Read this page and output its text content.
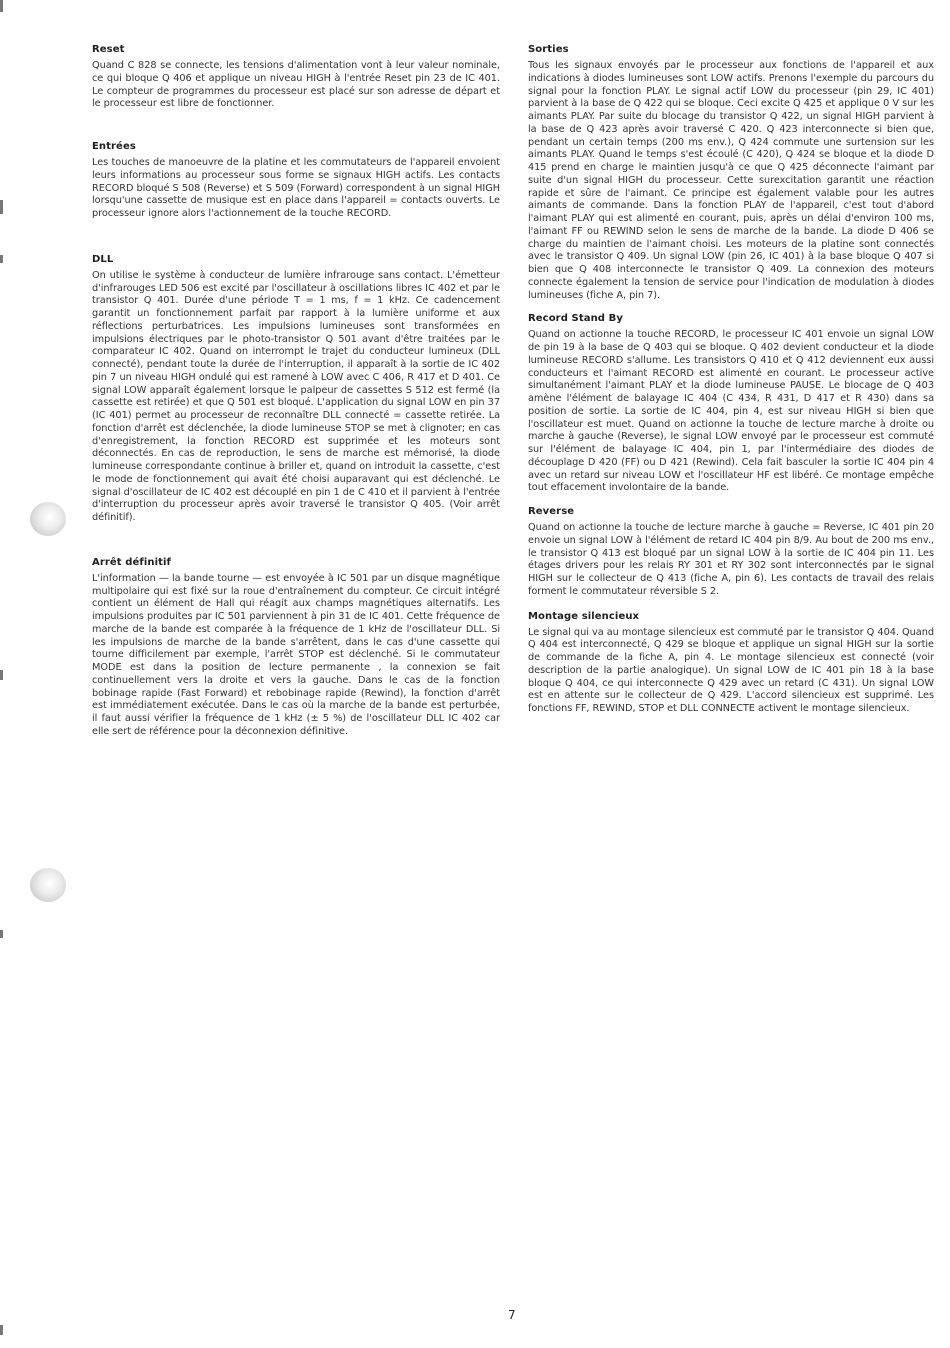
Reset

Quand C 828 se connecte, les tensions d'alimentation vont à leur valeur nominale, ce qui bloque Q 406 et applique un niveau HIGH à l'entrée Reset pin 23 de IC 401. Le compteur de programmes du processeur est placé sur son adresse de départ et le processeur est libre de fonctionner.

Entrées

Les touches de manoeuvre de la platine et les commutateurs de l'appareil envoient leurs informations au processeur sous forme se signaux HIGH actifs. Les contacts RECORD bloqué S 508 (Reverse) et S 509 (Forward) correspondent à un signal HIGH lorsqu'une cassette de musique est en place dans l'appareil = contacts ouverts. Le processeur ignore alors l'actionnement de la touche RECORD.

DLL

On utilise le système à conducteur de lumière infrarouge sans contact. L'émetteur d'infrarouges LED 506 est excité par l'oscillateur à oscillations libres IC 402 et par le transistor Q 401. Durée d'une période T = 1 ms, f = 1 kHz. Ce cadencement garantit un fonctionnement parfait par rapport à la lumière uniforme et aux réflections perturbatrices. Les impulsions lumineuses sont transformées en impulsions électriques par le photo-transistor Q 501 avant d'être traitées par le comparateur IC 402. Quand on interrompt le trajet du conducteur lumineux (DLL connecté), pendant toute la durée de l'interruption, il apparaît à la sortie de IC 402 pin 7 un niveau HIGH ondulé qui est ramené à LOW avec C 406, R 417 et D 401. Ce signal LOW apparaît également lorsque le palpeur de cassettes S 512 est fermé (la cassette est retirée) et que Q 501 est bloqué. L'application du signal LOW en pin 37 (IC 401) permet au processeur de reconnaître DLL connecté = cassette retirée. La fonction d'arrêt est déclenchée, la diode lumineuse STOP se met à clignoter; en cas d'enregistrement, la fonction RECORD est supprimée et les moteurs sont déconnectés. En cas de reproduction, le sens de marche est mémorisé, la diode lumineuse correspondante continue à briller et, quand on introduit la cassette, c'est le mode de fonctionnement qui avait été choisi auparavant qui est déclenché. Le signal d'oscillateur de IC 402 est découplé en pin 1 de C 410 et il parvient à l'entrée d'interruption du processeur après avoir traversé le transistor Q 405. (Voir arrêt définitif).

Arrêt définitif

L'information — la bande tourne — est envoyée à IC 501 par un disque magnétique multipolaire qui est fixé sur la roue d'entraînement du compteur. Ce circuit intégré contient un élément de Hall qui réagit aux champs magnétiques alternatifs. Les impulsions produites par IC 501 parviennent à pin 31 de IC 401. Cette fréquence de marche de la bande est comparée à la fréquence de 1 kHz de l'oscillateur DLL. Si les impulsions de marche de la bande s'arrêtent, dans le cas d'une cassette qui tourne difficilement par exemple, l'arrêt STOP est déclenché. Si le commutateur MODE est dans la position de lecture permanente , la connexion se fait continuellement vers la droite et vers la gauche. Dans le cas de la fonction bobinage rapide (Fast Forward) et rebobinage rapide (Rewind), la fonction d'arrêt est immédiatement exécutée. Dans le cas où la marche de la bande est perturbée, il faut aussi vérifier la fréquence de 1 kHz (± 5 %) de l'oscillateur DLL IC 402 car elle sert de référence pour la déconnexion définitive.

Sorties

Tous les signaux envoyés par le processeur aux fonctions de l'appareil et aux indications à diodes lumineuses sont LOW actifs. Prenons l'exemple du parcours du signal pour la fonction PLAY. Le signal actif LOW du processeur (pin 29, IC 401) parvient à la base de Q 422 qui se bloque. Ceci excite Q 425 et applique 0 V sur les aimants PLAY. Par suite du blocage du transistor Q 422, un signal HIGH parvient à la base de Q 423 après avoir traversé C 420. Q 423 interconnecte si bien que, pendant un certain temps (200 ms env.), Q 424 commute une surtension sur les aimants PLAY. Quand le temps s'est écoulé (C 420), Q 424 se bloque et la diode D 415 prend en charge le maintien jusqu'à ce que Q 425 déconnecte l'aimant par suite d'un signal HIGH du processeur. Cette surexcitation garantit une réaction rapide et sûre de l'aimant. Ce principe est également valable pour les autres aimants de commande. Dans la fonction PLAY de l'appareil, c'est tout d'abord l'aimant PLAY qui est alimenté en courant, puis, après un délai d'environ 100 ms, l'aimant FF ou REWIND selon le sens de marche de la bande. La diode D 406 se charge du maintien de l'aimant choisi. Les moteurs de la platine sont connectés avec le transistor Q 409. Un signal LOW (pin 26, IC 401) à la base bloque Q 407 si bien que Q 408 interconnecte le transistor Q 409. La connexion des moteurs connecte également la tension de service pour l'indication de modulation à diodes lumineuses (fiche A, pin 7).

Record Stand By

Quand on actionne la touche RECORD, le processeur IC 401 envoie un signal LOW de pin 19 à la base de Q 403 qui se bloque. Q 402 devient conducteur et la diode lumineuse RECORD s'allume. Les transistors Q 410 et Q 412 deviennent eux aussi conducteurs et l'aimant RECORD est alimenté en courant. Le processeur active simultanément l'aimant PLAY et la diode lumineuse PAUSE. Le blocage de Q 403 amène l'élément de balayage IC 404 (C 434, R 431, D 417 et R 430) dans sa position de sortie. La sortie de IC 404, pin 4, est sur niveau HIGH si bien que l'oscillateur est muet. Quand on actionne la touche de lecture marche à droite ou marche à gauche (Reverse), le signal LOW envoyé par le processeur est commuté sur l'élément de balayage IC 404, pin 1, par l'intermédiaire des diodes de découplage D 420 (FF) ou D 421 (Rewind). Cela fait basculer la sortie IC 404 pin 4 avec un retard sur niveau LOW et l'oscillateur HF est libéré. Ce montage empêche tout effacement involontaire de la bande.

Reverse

Quand on actionne la touche de lecture marche à gauche = Reverse, IC 401 pin 20 envoie un signal LOW à l'élément de retard IC 404 pin 8/9. Au bout de 200 ms env., le transistor Q 413 est bloqué par un signal LOW à la sortie de IC 404 pin 11. Les étages drivers pour les relais RY 301 et RY 302 sont interconnectés par le signal HIGH sur le collecteur de Q 413 (fiche A, pin 6). Les contacts de travail des relais forment le commutateur réversible S 2.

Montage silencieux

Le signal qui va au montage silencieux est commuté par le transistor Q 404. Quand Q 404 est interconnecté, Q 429 se bloque et applique un signal HIGH sur la sortie de commande de la fiche A, pin 4. Le montage silencieux est connecté (voir description de la partie analogique). Un signal LOW de IC 401 pin 18 à la base bloque Q 404, ce qui interconnecte Q 429 avec un retard (C 431). Un signal LOW est en attente sur le collecteur de Q 429. L'accord silencieux est supprimé. Les fonctions FF, REWIND, STOP et DLL CONNECTE activent le montage silencieux.

7
